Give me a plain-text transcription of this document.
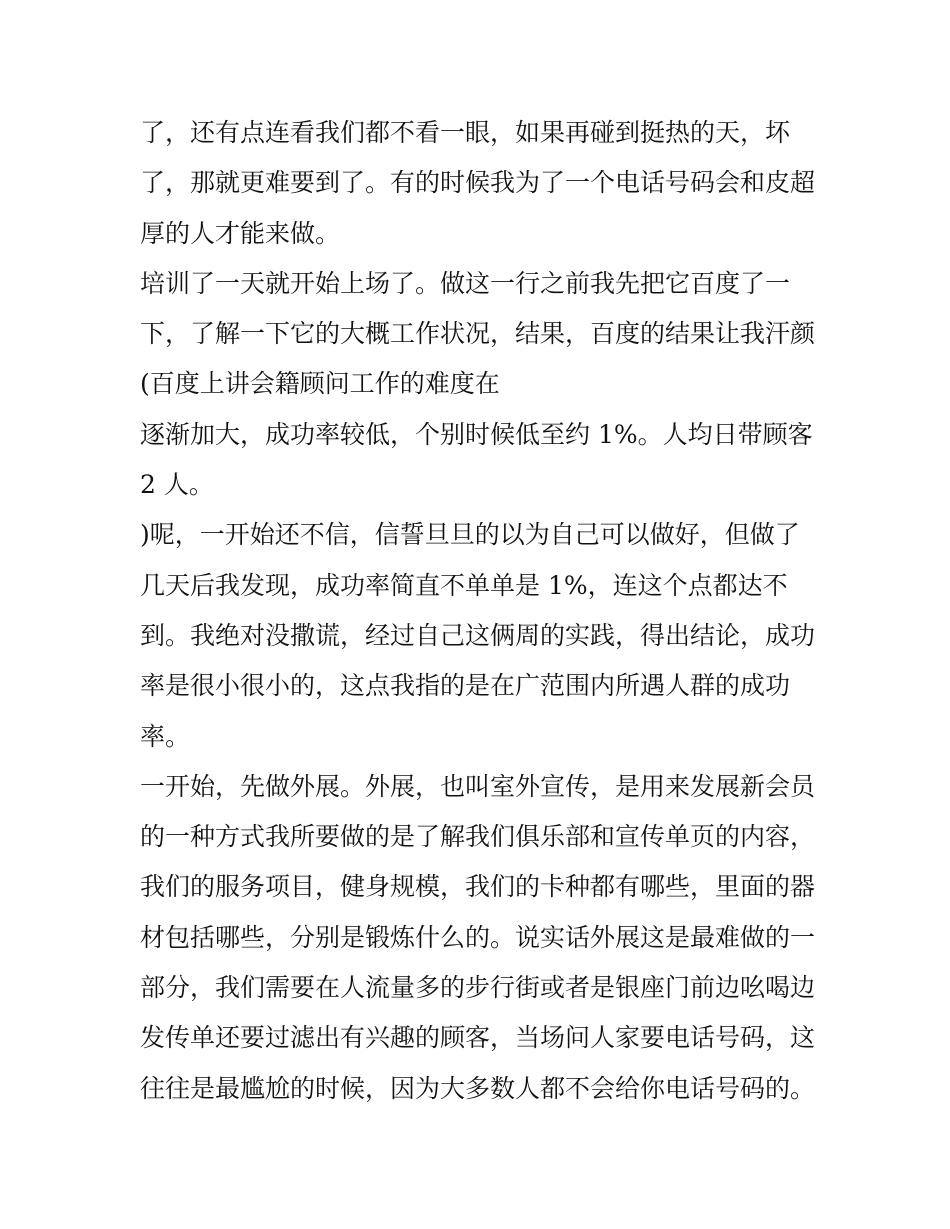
了，还有点连看我们都不看一眼，如果再碰到挺热的天，坏
了，那就更难要到了。有的时候我为了一个电话号码会和皮超
厚的人才能来做。
培训了一天就开始上场了。做这一行之前我先把它百度了一
下，了解一下它的大概工作状况，结果，百度的结果让我汗颜
(百度上讲会籍顾问工作的难度在
逐渐加大，成功率较低，个别时候低至约 1%。人均日带顾客
2 人。
)呢，一开始还不信，信誓旦旦的以为自己可以做好，但做了
几天后我发现，成功率简直不单单是 1%，连这个点都达不
到。我绝对没撒谎，经过自己这俩周的实践，得出结论，成功
率是很小很小的，这点我指的是在广范围内所遇人群的成功
率。
一开始，先做外展。外展，也叫室外宣传，是用来发展新会员
的一种方式我所要做的是了解我们俱乐部和宣传单页的内容，
我们的服务项目，健身规模，我们的卡种都有哪些，里面的器
材包括哪些，分别是锻炼什么的。说实话外展这是最难做的一
部分，我们需要在人流量多的步行街或者是银座门前边吆喝边
发传单还要过滤出有兴趣的顾客，当场问人家要电话号码，这
往往是最尴尬的时候，因为大多数人都不会给你电话号码的。
